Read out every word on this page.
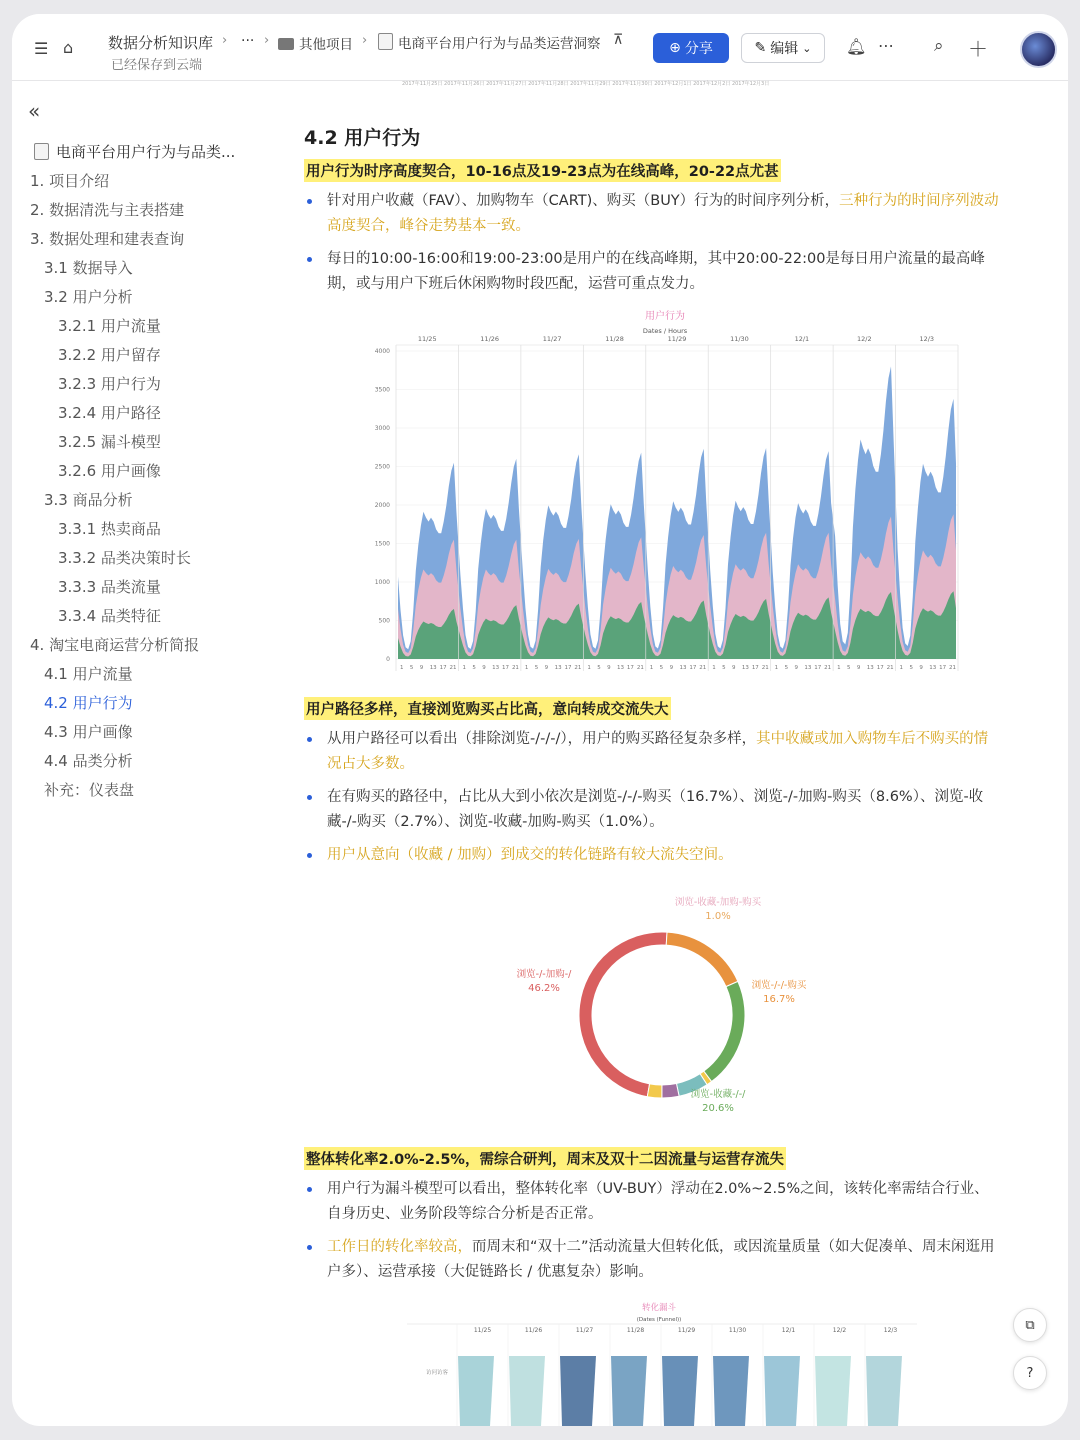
☰ ⌂ 数据分析知识库 ›
已经保存到云端
··· ›	其他项目 ›	电商平台用户行为与品类运营洞察 ⊼	⊕ 分享	✎ 编辑 ⌄ 🔔︎ ⋯ ⌕ ＋
«
电商平台用户行为与品类...
1. 项目介绍
2. 数据清洗与主表搭建
3. 数据处理和建表查询
3.1 数据导入
3.2 用户分析
3.2.1 用户流量
3.2.2 用户留存
3.2.3 用户行为
3.2.4 用户路径
3.2.5 漏斗模型
3.2.6 用户画像
3.3 商品分析
3.3.1 热卖商品
3.3.2 品类决策时长
3.3.3 品类流量
3.3.4 品类特征
4. 淘宝电商运营分析简报
4.1 用户流量
4.2 用户行为
4.3 用户画像
4.4 品类分析
补充：仪表盘
2017年11月25日 2017年11月26日 2017年11月27日 2017年11月28日 2017年11月29日 2017年11月30日 2017年12月1日 2017年12月2日 2017年12月3日
4.2 用户行为
用户行为时序高度契合，10-16点及19-23点为在线高峰，20-22点尤甚
针对用户收藏（FAV）、加购物车（CART)、购买（BUY）行为的时间序列分析，三种行为的时间序列波动高度契合，峰谷走势基本一致。
每日的10:00-16:00和19:00-23:00是用户的在线高峰期，其中20:00-22:00是每日用户流量的最高峰期，或与用户下班后休闲购物时段匹配，运营可重点发力。
用户行为
Dates / Hours
0
500
1000
1500
2000
2500
3000
3500
4000
11/25
1 5 9 13 17 21
11/26
1 5 9 13 17 21
11/27
1 5 9 13 17 21
11/28
1 5 9 13 17 21
11/29
1 5 9 13 17 21
11/30
1 5 9 13 17 21
12/1
1 5 9 13 17 21
12/2
1 5 9 13 17 21
12/3
1 5 9 13 17 21
用户路径多样，直接浏览购买占比高，意向转成交流失大
从用户路径可以看出（排除浏览-/-/-/），用户的购买路径复杂多样，其中收藏或加入购物车后不购买的情况占大多数。
在有购买的路径中，占比从大到小依次是浏览-/-/-购买（16.7%）、浏览-/-加购-购买（8.6%）、浏览-收藏-/-购买（2.7%）、浏览-收藏-加购-购买（1.0%）。
用户从意向（收藏 / 加购）到成交的转化链路有较大流失空间。
浏览-/-加购-/
46.2%	浏览-/-/-购买
16.7%
浏览-收藏-/-/
20.6%
浏览-收藏-加购-购买
1.0%
整体转化率2.0%-2.5%，需综合研判，周末及双十二因流量与运营存流失
用户行为漏斗模型可以看出，整体转化率（UV-BUY）浮动在2.0%~2.5%之间，该转化率需结合行业、自身历史、业务阶段等综合分析是否正常。
工作日的转化率较高，而周末和“双十二”活动流量大但转化低，或因流量质量（如大促凑单、周末闲逛用户多）、运营承接（大促链路长 / 优惠复杂）影响。
转化漏斗
(Dates (Funnel))
访问访客
11/25	11/26	11/27	11/28	11/29	11/30	12/1	12/2	12/3	⧉
?
